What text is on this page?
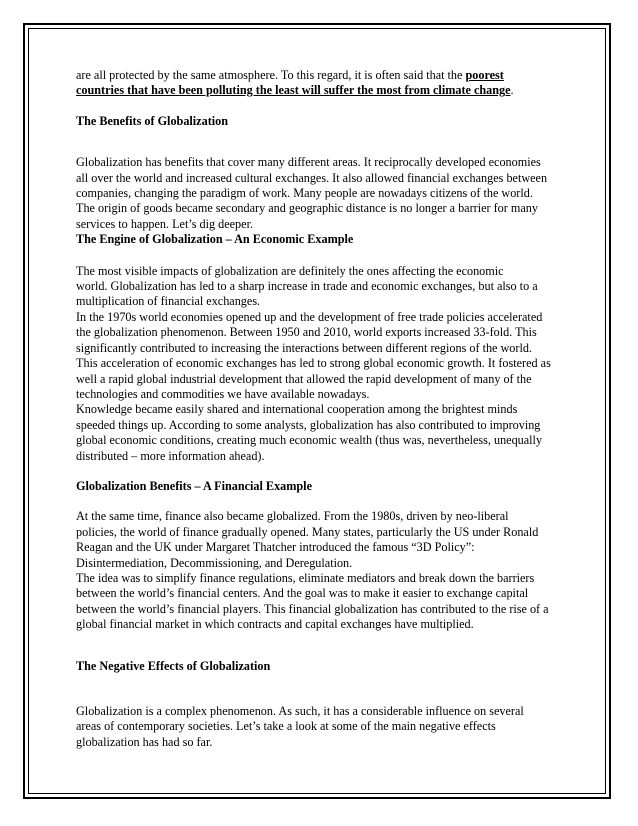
are all protected by the same atmosphere. To this regard, it is often said that the poorest
countries that have been polluting the least will suffer the most from climate change.

The Benefits of Globalization

Globalization has benefits that cover many different areas. It reciprocally developed economies
all over the world and increased cultural exchanges. It also allowed financial exchanges between
companies, changing the paradigm of work. Many people are nowadays citizens of the world.
The origin of goods became secondary and geographic distance is no longer a barrier for many
services to happen. Let’s dig deeper.

The Engine of Globalization – An Economic Example

The most visible impacts of globalization are definitely the ones affecting the economic
world. Globalization has led to a sharp increase in trade and economic exchanges, but also to a
multiplication of financial exchanges.

In the 1970s world economies opened up and the development of free trade policies accelerated
the globalization phenomenon. Between 1950 and 2010, world exports increased 33-fold. This
significantly contributed to increasing the interactions between different regions of the world.
This acceleration of economic exchanges has led to strong global economic growth. It fostered as
well a rapid global industrial development that allowed the rapid development of many of the
technologies and commodities we have available nowadays.

Knowledge became easily shared and international cooperation among the brightest minds
speeded things up. According to some analysts, globalization has also contributed to improving
global economic conditions, creating much economic wealth (thus was, nevertheless, unequally
distributed – more information ahead).

Globalization Benefits – A Financial Example

At the same time, finance also became globalized. From the 1980s, driven by neo-liberal
policies, the world of finance gradually opened. Many states, particularly the US under Ronald
Reagan and the UK under Margaret Thatcher introduced the famous “3D Policy”:
Disintermediation, Decommissioning, and Deregulation.

The idea was to simplify finance regulations, eliminate mediators and break down the barriers
between the world’s financial centers. And the goal was to make it easier to exchange capital
between the world’s financial players. This financial globalization has contributed to the rise of a
global financial market in which contracts and capital exchanges have multiplied.

The Negative Effects of Globalization

Globalization is a complex phenomenon. As such, it has a considerable influence on several
areas of contemporary societies. Let’s take a look at some of the main negative effects
globalization has had so far.
